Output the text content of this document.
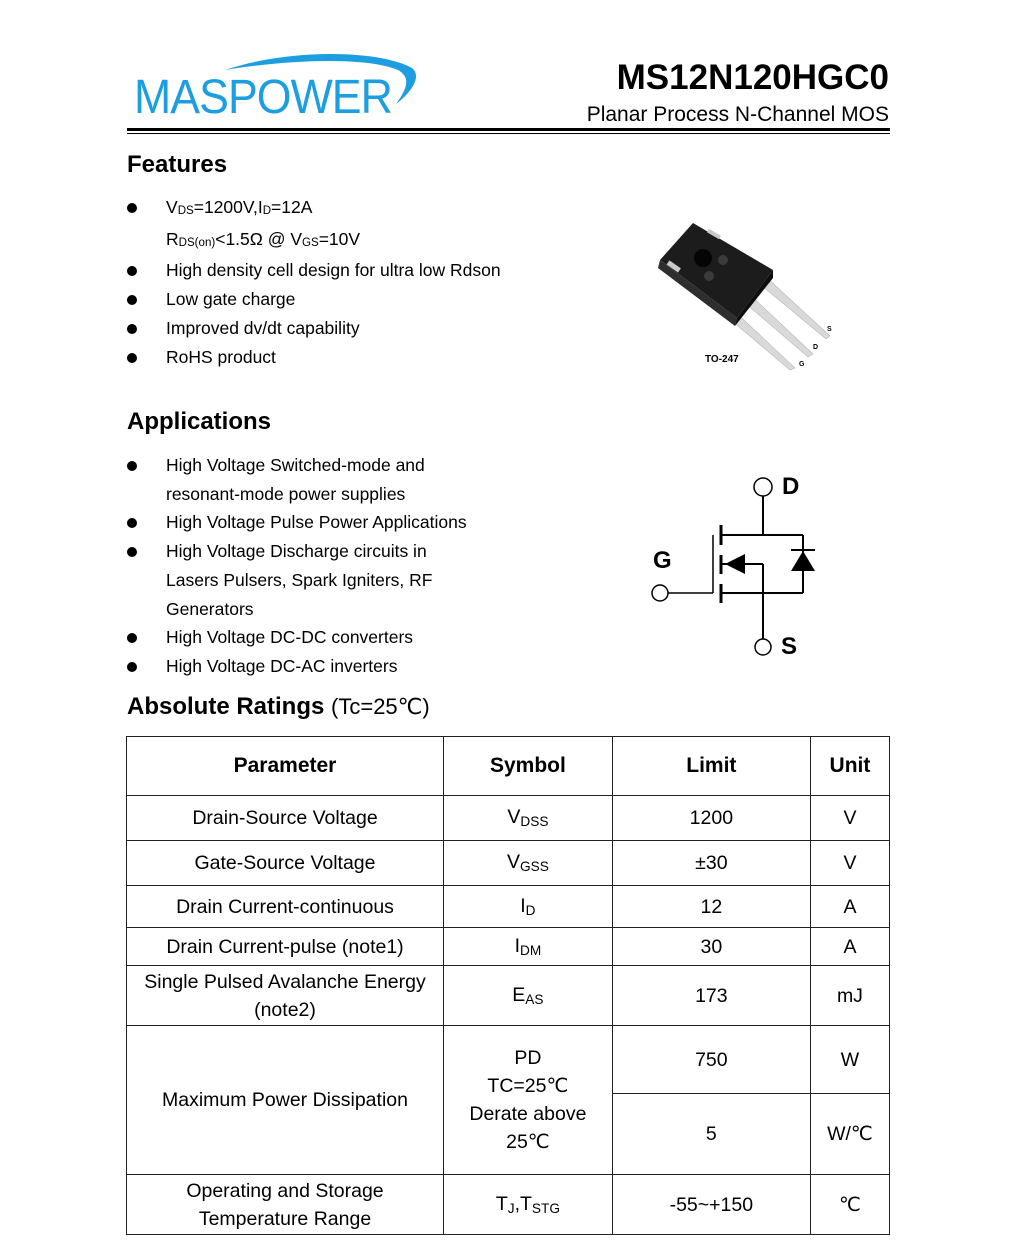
MASPOWER	MS12N120HGC0
Planar Process N-Channel MOS
Features
$V_{DS}=1200V,I_D=12A$
$R_{DS(on)}<1.5\Omega$ @ $V_{GS}=10V$
High density cell design for ultra low Rdson
Low gate charge
Improved dv/dt capability
RoHS product	TO-247
S
D
G
Applications
High Voltage Switched-mode and
resonant-mode power supplies
High Voltage Pulse Power Applications
High Voltage Discharge circuits in
Lasers Pulsers, Spark Igniters, RF
Generators
High Voltage DC-DC converters
High Voltage DC-AC inverters
D
G
S
Absolute Ratings (Tc=25℃)
Parameter	Symbol	Limit	Unit
Drain-Source Voltage	VDSS	1200	V
Gate-Source Voltage	VGSS	±30	V
Drain Current-continuous	ID	12	A
Drain Current-pulse (note1)	IDM	30	A

Single Pulsed Avalanche Energy
(note2)	EAS	173	mJ
Maximum Power Dissipation	PD
TC=25℃
Derate above
25℃	750	W
		5	W/℃

Operating and Storage
Temperature Range	TJ,TSTG	-55~+150	℃
